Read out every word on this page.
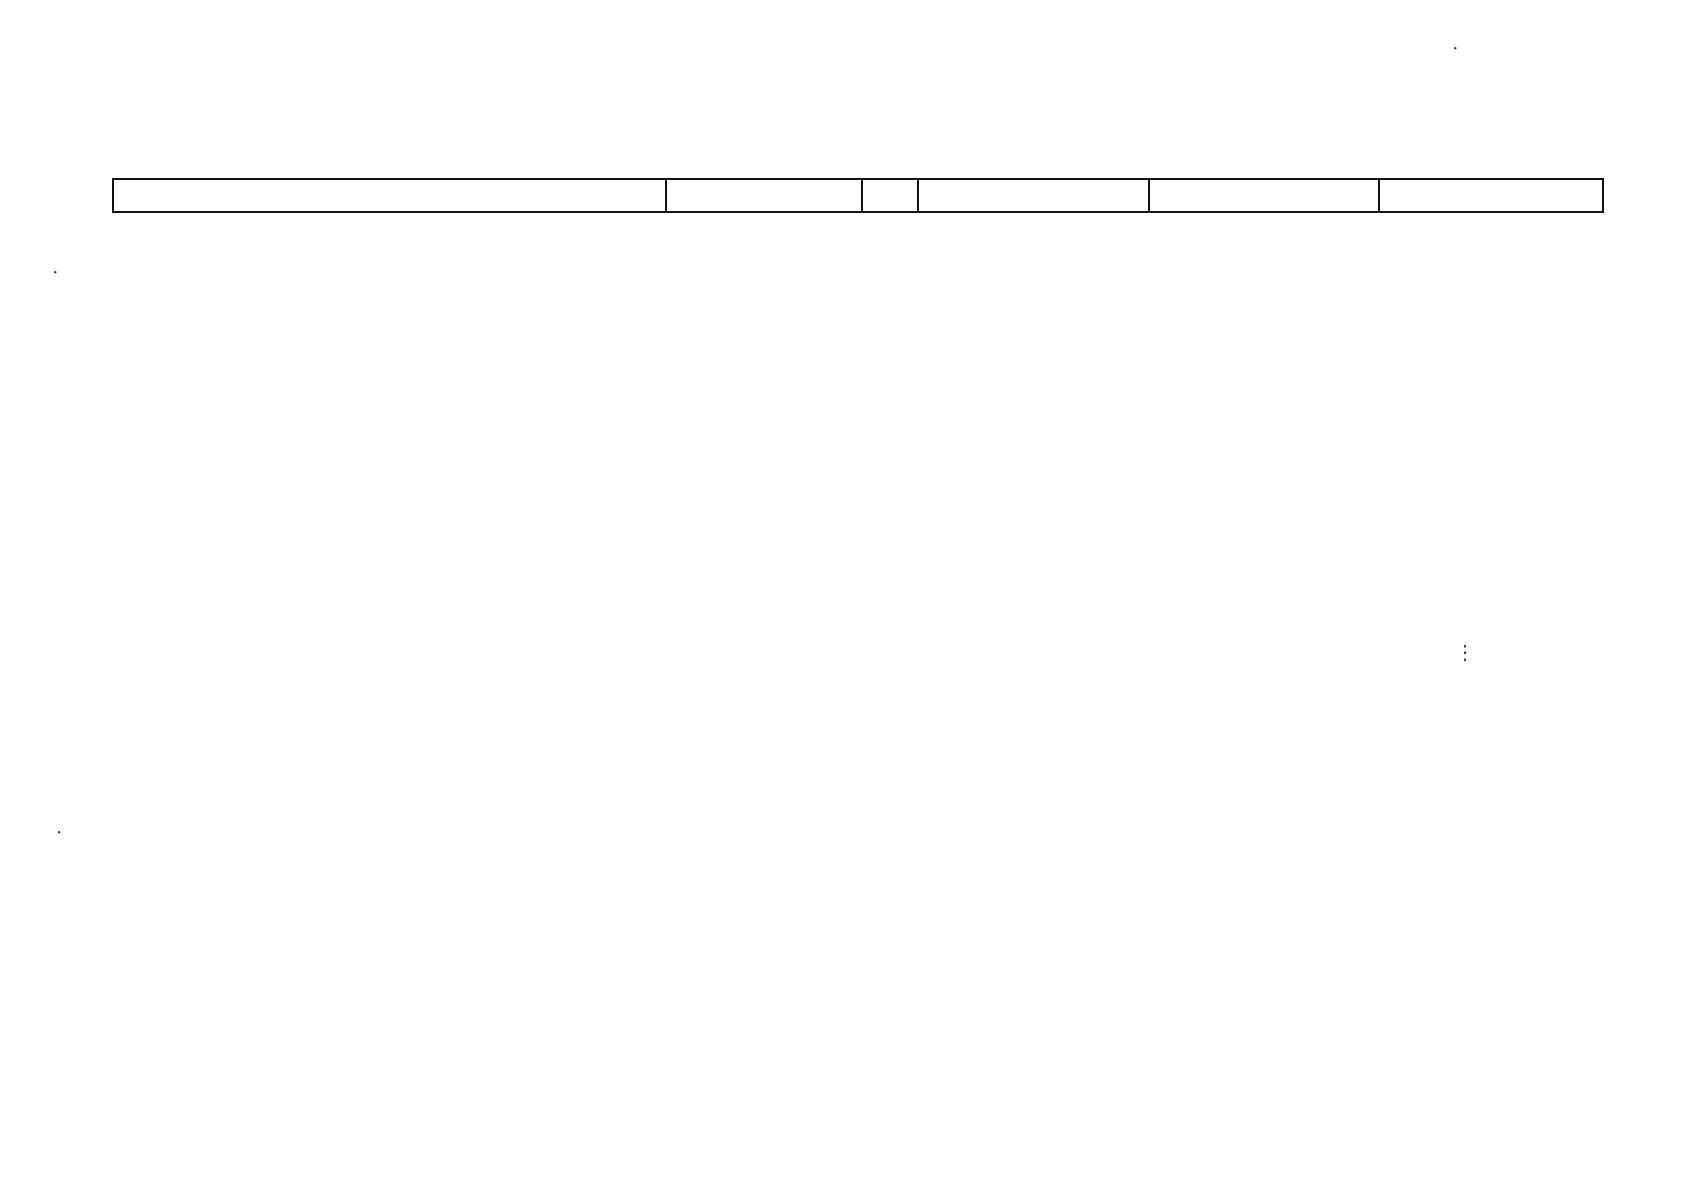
·
·
⋮
·
